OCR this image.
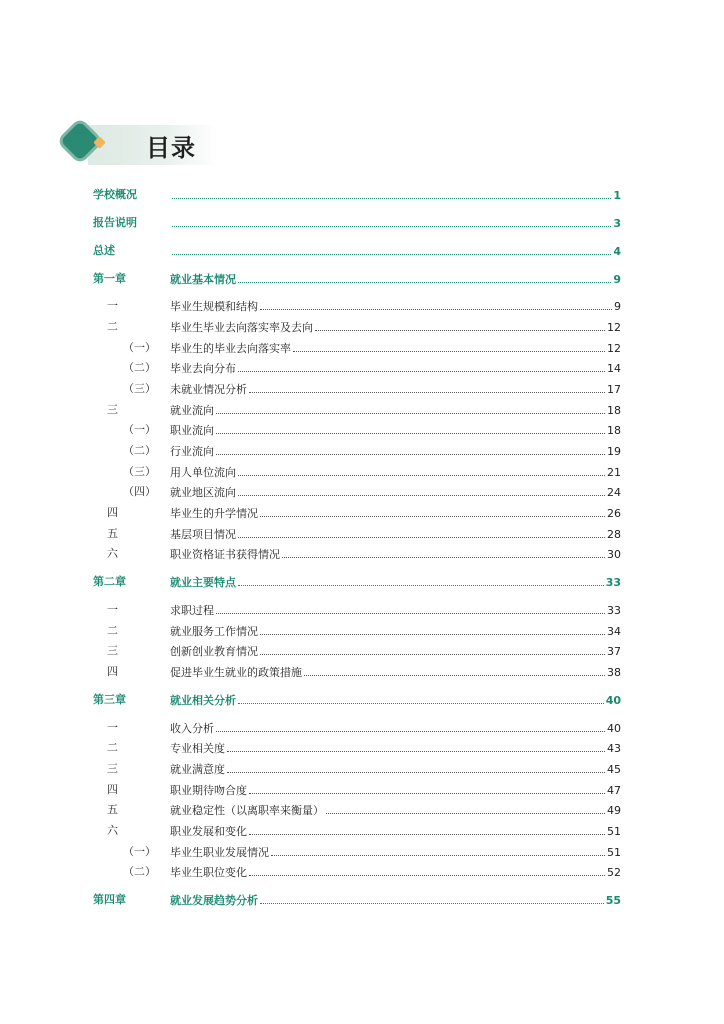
目录
学校概况	1
报告说明	3
总述	4
第一章	就业基本情况	9
一	毕业生规模和结构	9
二	毕业生毕业去向落实率及去向	12
（一） 毕业生的毕业去向落实率	12
（二） 毕业去向分布	14
（三） 未就业情况分析	17
三	就业流向	18
（一） 职业流向	18
（二） 行业流向	19
（三） 用人单位流向	21
（四） 就业地区流向	24
四	毕业生的升学情况	26
五	基层项目情况	28
六	职业资格证书获得情况	30
第二章	就业主要特点	33
一	求职过程	33
二	就业服务工作情况	34
三	创新创业教育情况	37
四	促进毕业生就业的政策措施	38
第三章	就业相关分析	40
一	收入分析	40
二	专业相关度	43
三	就业满意度	45
四	职业期待吻合度	47
五	就业稳定性（以离职率来衡量）	49
六	职业发展和变化	51
（一） 毕业生职业发展情况	51
（二） 毕业生职位变化	52
第四章	就业发展趋势分析	55
